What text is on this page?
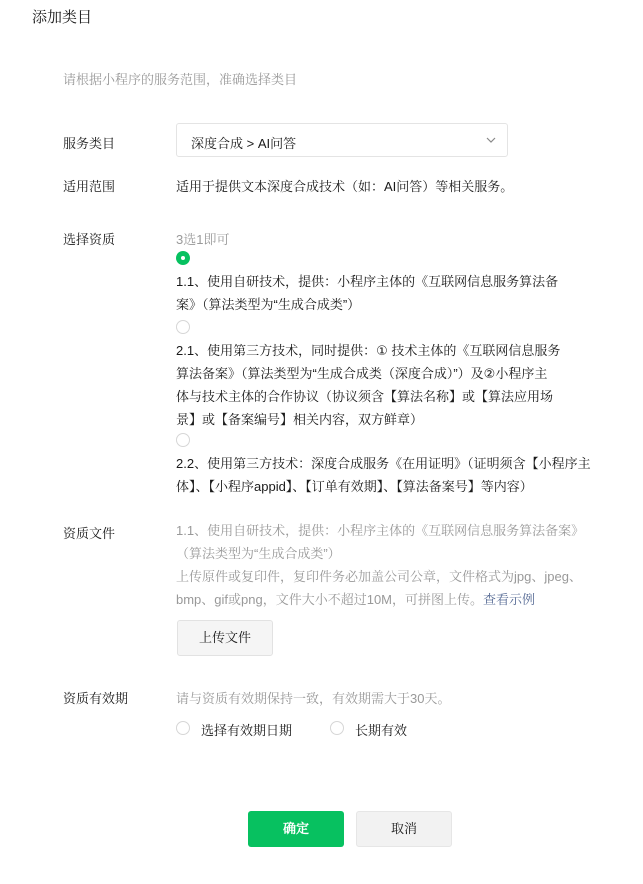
添加类目
请根据小程序的服务范围，准确选择类目
服务类目	深度合成 > AI问答
适用范围	适用于提供文本深度合成技术（如：AI问答）等相关服务。
选择资质	3选1即可
1.1、使用自研技术，提供：小程序主体的《互联网信息服务算法备
案》（算法类型为“生成合成类”）
2.1、使用第三方技术，同时提供：① 技术主体的《互联网信息服务
算法备案》（算法类型为“生成合成类（深度合成）”）及②小程序主
体与技术主体的合作协议（协议须含【算法名称】或【算法应用场
景】或【备案编号】相关内容，双方鲜章）
2.2、使用第三方技术：深度合成服务《在用证明》（证明须含【小程序主
体】、【小程序appid】、【订单有效期】、【算法备案号】等内容）
资质文件	1.1、使用自研技术，提供：小程序主体的《互联网信息服务算法备案》
（算法类型为“生成合成类”）
上传原件或复印件，复印件务必加盖公司公章，文件格式为jpg、jpeg、
bmp、gif或png，文件大小不超过10M，可拼图上传。查看示例
上传文件
资质有效期	请与资质有效期保持一致，有效期需大于30天。
选择有效期日期	长期有效
确定	取消
